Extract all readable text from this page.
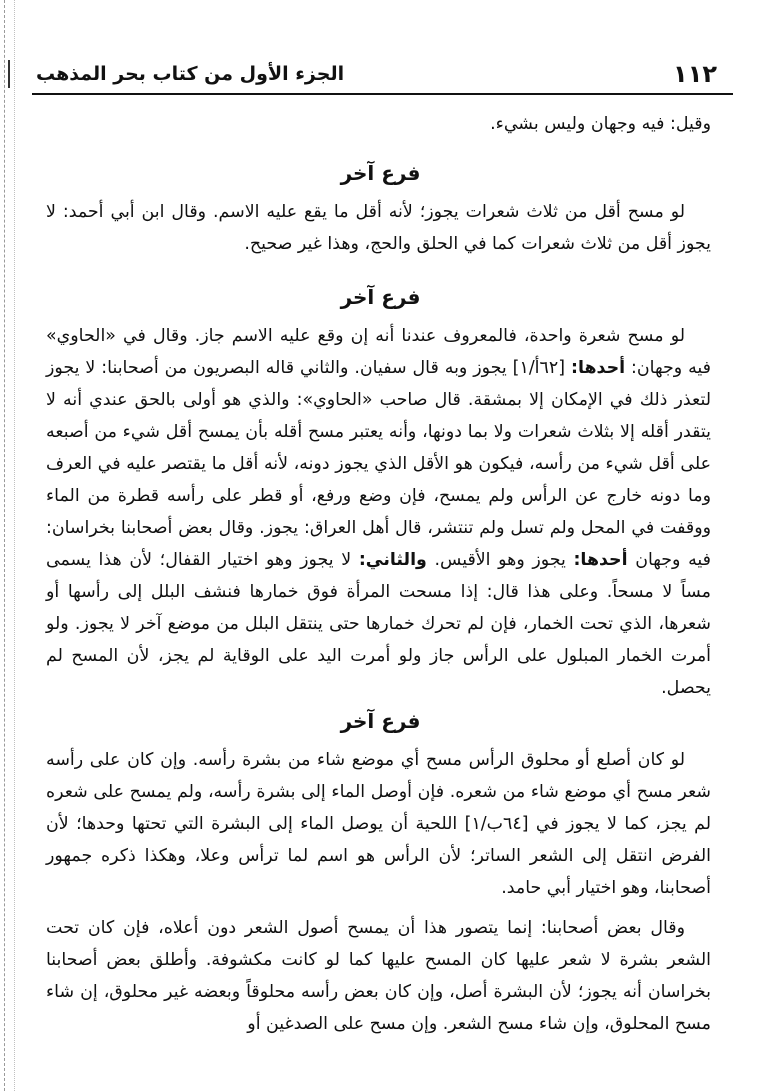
١١٢
الجزء الأول من كتاب بحر المذهب

وقيل: فيه وجهان وليس بشيء.

فرع آخر

لو مسح أقل من ثلاث شعرات يجوز؛ لأنه أقل ما يقع عليه الاسم. وقال ابن أبي أحمد: لا يجوز أقل من ثلاث شعرات كما في الحلق والحج، وهذا غير صحيح.

فرع آخر

لو مسح شعرة واحدة، فالمعروف عندنا أنه إن وقع عليه الاسم جاز. وقال في «الحاوي» فيه وجهان: أحدها: [٦٢أ/١] يجوز وبه قال سفيان. والثاني قاله البصريون من أصحابنا: لا يجوز لتعذر ذلك في الإمكان إلا بمشقة. قال صاحب «الحاوي»: والذي هو أولى بالحق عندي أنه لا يتقدر أقله إلا بثلاث شعرات ولا بما دونها، وأنه يعتبر مسح أقله بأن يمسح أقل شيء من أصبعه على أقل شيء من رأسه، فيكون هو الأقل الذي يجوز دونه، لأنه أقل ما يقتصر عليه في العرف وما دونه خارج عن الرأس ولم يمسح، فإن وضع ورفع، أو قطر على رأسه قطرة من الماء ووقفت في المحل ولم تسل ولم تنتشر، قال أهل العراق: يجوز. وقال بعض أصحابنا بخراسان: فيه وجهان أحدها: يجوز وهو الأقيس. والثاني: لا يجوز وهو اختيار القفال؛ لأن هذا يسمى مساً لا مسحاً. وعلى هذا قال: إذا مسحت المرأة فوق خمارها فنشف البلل إلى رأسها أو شعرها، الذي تحت الخمار، فإن لم تحرك خمارها حتى ينتقل البلل من موضع آخر لا يجوز. ولو أمرت الخمار المبلول على الرأس جاز ولو أمرت اليد على الوقاية لم يجز، لأن المسح لم يحصل.

فرع آخر

لو كان أصلع أو محلوق الرأس مسح أي موضع شاء من بشرة رأسه. وإن كان على رأسه شعر مسح أي موضع شاء من شعره. فإن أوصل الماء إلى بشرة رأسه، ولم يمسح على شعره لم يجز، كما لا يجوز في [٦٤ب/١] اللحية أن يوصل الماء إلى البشرة التي تحتها وحدها؛ لأن الفرض انتقل إلى الشعر الساتر؛ لأن الرأس هو اسم لما ترأس وعلا، وهكذا ذكره جمهور أصحابنا، وهو اختيار أبي حامد.

وقال بعض أصحابنا: إنما يتصور هذا أن يمسح أصول الشعر دون أعلاه، فإن كان تحت الشعر بشرة لا شعر عليها كان المسح عليها كما لو كانت مكشوفة. وأطلق بعض أصحابنا بخراسان أنه يجوز؛ لأن البشرة أصل، وإن كان بعض رأسه محلوقاً وبعضه غير محلوق، إن شاء مسح المحلوق، وإن شاء مسح الشعر. وإن مسح على الصدغين أو
